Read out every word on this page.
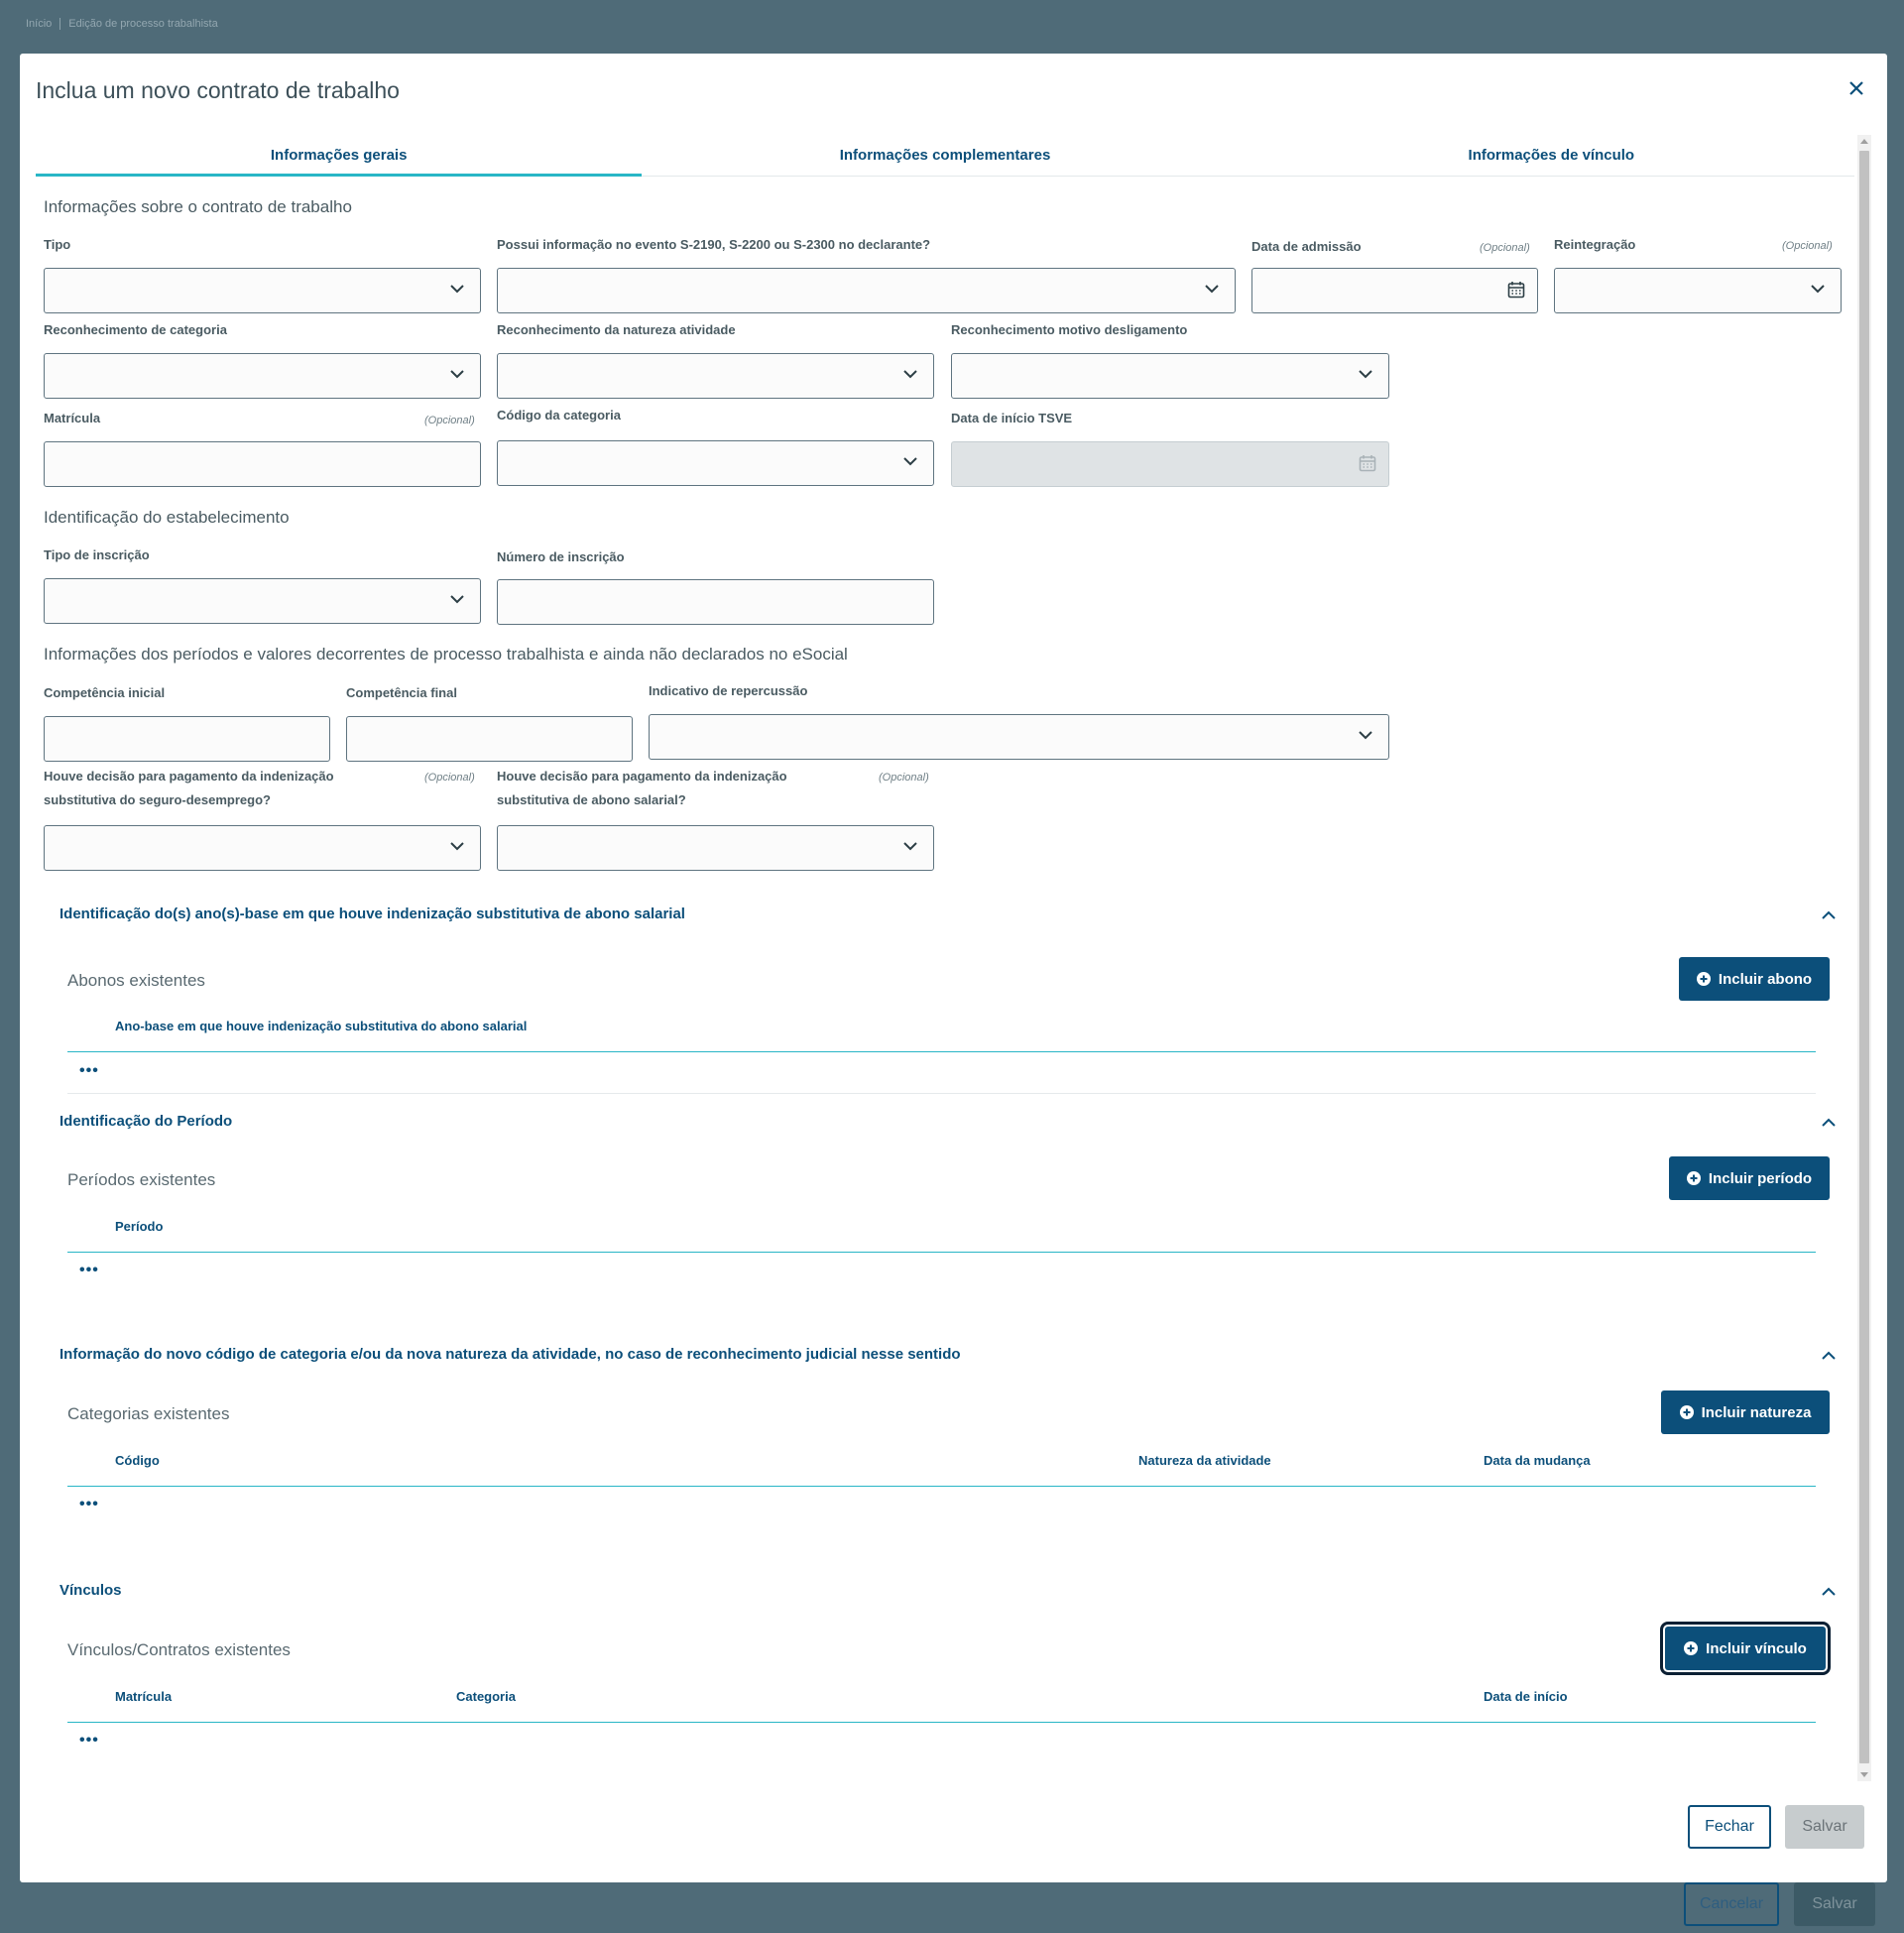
Início Edição de processo trabalhista
Cancelar	Salvar
Inclua um novo contrato de trabalho
Informações gerais	Informações complementares	Informações de vínculo
Informações sobre o contrato de trabalho
Tipo	Possui informação no evento S-2190, S-2200 ou S-2300 no declarante?	Data de admissão	(Opcional) Reintegração	(Opcional)
Reconhecimento de categoria	Reconhecimento da natureza atividade	Reconhecimento motivo desligamento
Matrícula	(Opcional) Código da categoria	Data de início TSVE
Identificação do estabelecimento
Tipo de inscrição	Número de inscrição
Informações dos períodos e valores decorrentes de processo trabalhista e ainda não declarados no eSocial
Competência inicial	Competência final	Indicativo de repercussão
Houve decisão para pagamento da indenização
substitutiva do seguro-desemprego?
(Opcional) Houve decisão para pagamento da indenização
substitutiva de abono salarial?
(Opcional)
Identificação do(s) ano(s)-base em que houve indenização substitutiva de abono salarial
Abonos existentes	Incluir abono
Ano-base em que houve indenização substitutiva do abono salarial
•••
Identificação do Período
Períodos existentes	Incluir período
Período
•••
Informação do novo código de categoria e/ou da nova natureza da atividade, no caso de reconhecimento judicial nesse sentido
Categorias existentes	Incluir natureza
Código	Natureza da atividade	Data da mudança
•••
Vínculos
Vínculos/Contratos existentes	Incluir vínculo
Matrícula	Categoria	Data de início
•••
Fechar	Salvar
